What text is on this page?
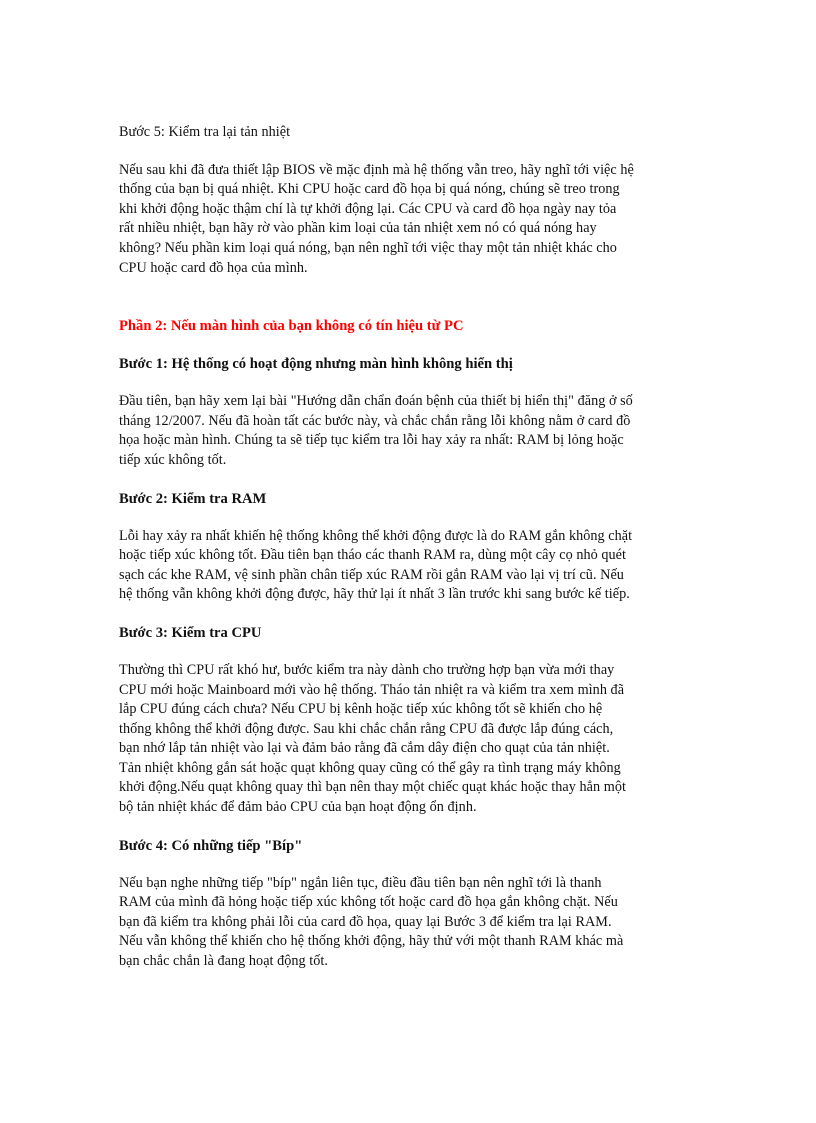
Bước 5: Kiểm tra lại tản nhiệt

Nếu sau khi đã đưa thiết lập BIOS về mặc định mà hệ thống vẫn treo, hãy nghĩ tới việc hệ
thống của bạn bị quá nhiệt. Khi CPU hoặc card đồ họa bị quá nóng, chúng sẽ treo trong
khi khởi động hoặc thậm chí là tự khởi động lại. Các CPU và card đồ họa ngày nay tỏa
rất nhiều nhiệt, bạn hãy rờ vào phần kim loại của tản nhiệt xem nó có quá nóng hay
không? Nếu phần kim loại quá nóng, bạn nên nghĩ tới việc thay một tản nhiệt khác cho
CPU hoặc card đồ họa của mình.

Phần 2: Nếu màn hình của bạn không có tín hiệu từ PC

Bước 1: Hệ thống có hoạt động nhưng màn hình không hiển thị

Đầu tiên, bạn hãy xem lại bài "Hướng dẫn chẩn đoán bệnh của thiết bị hiển thị" đăng ở số
tháng 12/2007. Nếu đã hoàn tất các bước này, và chắc chắn rằng lỗi không nằm ở card đồ
họa hoặc màn hình. Chúng ta sẽ tiếp tục kiểm tra lỗi hay xảy ra nhất: RAM bị lỏng hoặc
tiếp xúc không tốt.

Bước 2: Kiểm tra RAM

Lỗi hay xảy ra nhất khiến hệ thống không thể khởi động được là do RAM gắn không chặt
hoặc tiếp xúc không tốt. Đầu tiên bạn tháo các thanh RAM ra, dùng một cây cọ nhỏ quét
sạch các khe RAM, vệ sinh phần chân tiếp xúc RAM rồi gắn RAM vào lại vị trí cũ. Nếu
hệ thống vẫn không khởi động được, hãy thử lại ít nhất 3 lần trước khi sang bước kế tiếp.

Bước 3: Kiểm tra CPU

Thường thì CPU rất khó hư, bước kiểm tra này dành cho trường hợp bạn vừa mới thay
CPU mới hoặc Mainboard mới vào hệ thống. Tháo tản nhiệt ra và kiểm tra xem mình đã
lắp CPU đúng cách chưa? Nếu CPU bị kênh hoặc tiếp xúc không tốt sẽ khiến cho hệ
thống không thể khởi động được. Sau khi chắc chắn rằng CPU đã được lắp đúng cách,
bạn nhớ lắp tản nhiệt vào lại và đảm bảo rằng đã cắm dây điện cho quạt của tản nhiệt.
Tản nhiệt không gắn sát hoặc quạt không quay cũng có thể gây ra tình trạng máy không
khởi động.Nếu quạt không quay thì bạn nên thay một chiếc quạt khác hoặc thay hẳn một
bộ tản nhiệt khác để đảm bảo CPU của bạn hoạt động ổn định.

Bước 4: Có những tiếp "Bíp"

Nếu bạn nghe những tiếp "bíp" ngắn liên tục, điều đầu tiên bạn nên nghĩ tới là thanh
RAM của mình đã hỏng hoặc tiếp xúc không tốt hoặc card đồ họa gắn không chặt. Nếu
bạn đã kiểm tra không phải lỗi của card đồ họa, quay lại Bước 3 để kiểm tra lại RAM.
Nếu vẫn không thể khiến cho hệ thống khởi động, hãy thử với một thanh RAM khác mà
bạn chắc chắn là đang hoạt động tốt.
